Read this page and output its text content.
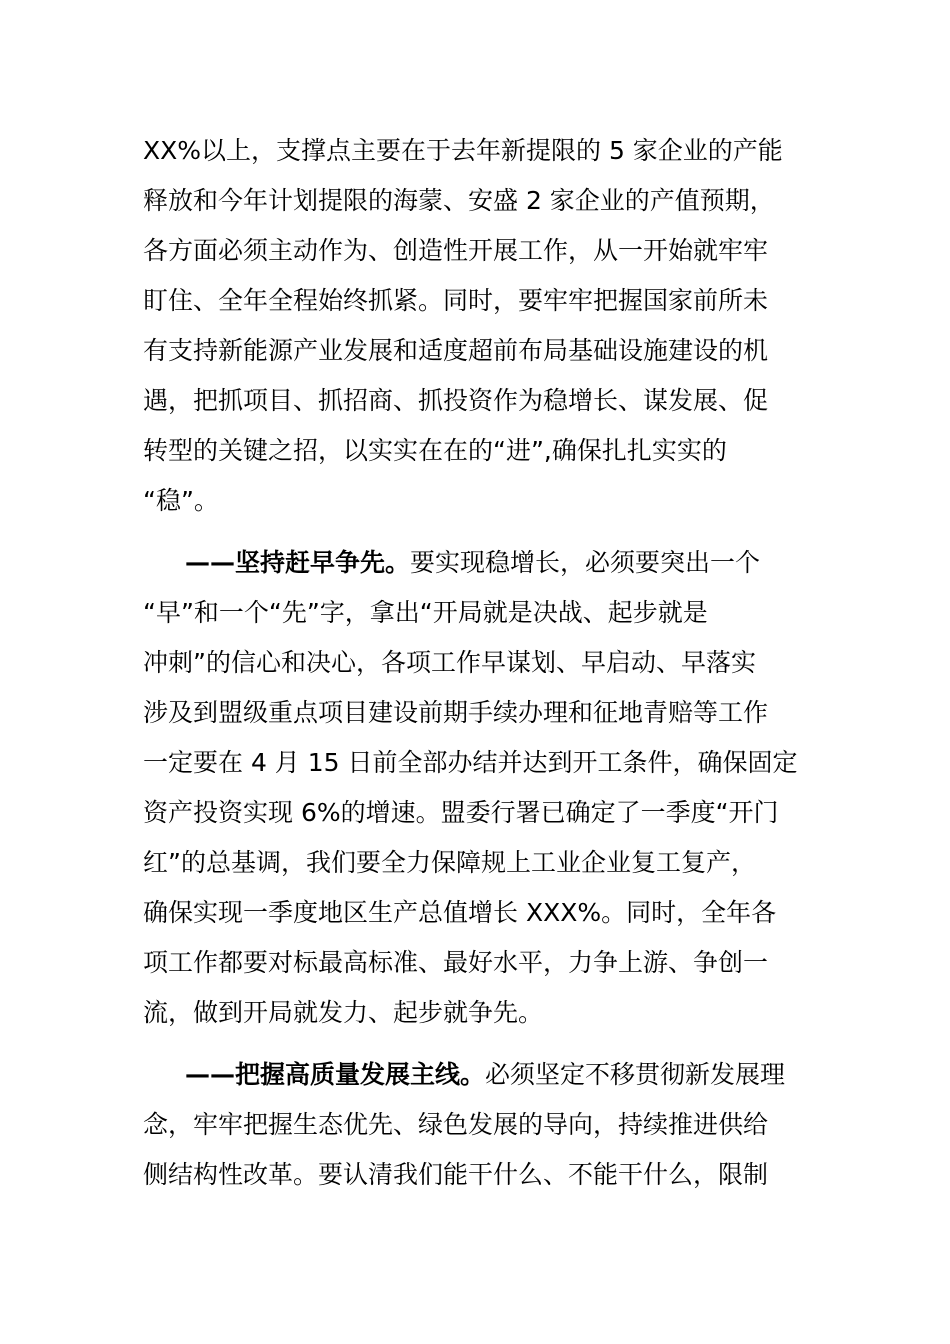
XX%以上，支撑点主要在于去年新提限的 5 家企业的产能
释放和今年计划提限的海蒙、安盛 2 家企业的产值预期，
各方面必须主动作为、创造性开展工作，从一开始就牢牢
盯住、全年全程始终抓紧。同时，要牢牢把握国家前所未
有支持新能源产业发展和适度超前布局基础设施建设的机
遇，把抓项目、抓招商、抓投资作为稳增长、谋发展、促
转型的关键之招，以实实在在的“进”,确保扎扎实实的
“稳”。
——坚持赶早争先。要实现稳增长，必须要突出一个
“早”和一个“先”字，拿出“开局就是决战、起步就是
冲刺”的信心和决心，各项工作早谋划、早启动、早落实
涉及到盟级重点项目建设前期手续办理和征地青赔等工作
一定要在 4 月 15 日前全部办结并达到开工条件，确保固定
资产投资实现 6%的增速。盟委行署已确定了一季度“开门
红”的总基调，我们要全力保障规上工业企业复工复产，
确保实现一季度地区生产总值增长 XXX%。同时，全年各
项工作都要对标最高标准、最好水平，力争上游、争创一
流，做到开局就发力、起步就争先。
——把握高质量发展主线。必须坚定不移贯彻新发展理
念，牢牢把握生态优先、绿色发展的导向，持续推进供给
侧结构性改革。要认清我们能干什么、不能干什么，限制
